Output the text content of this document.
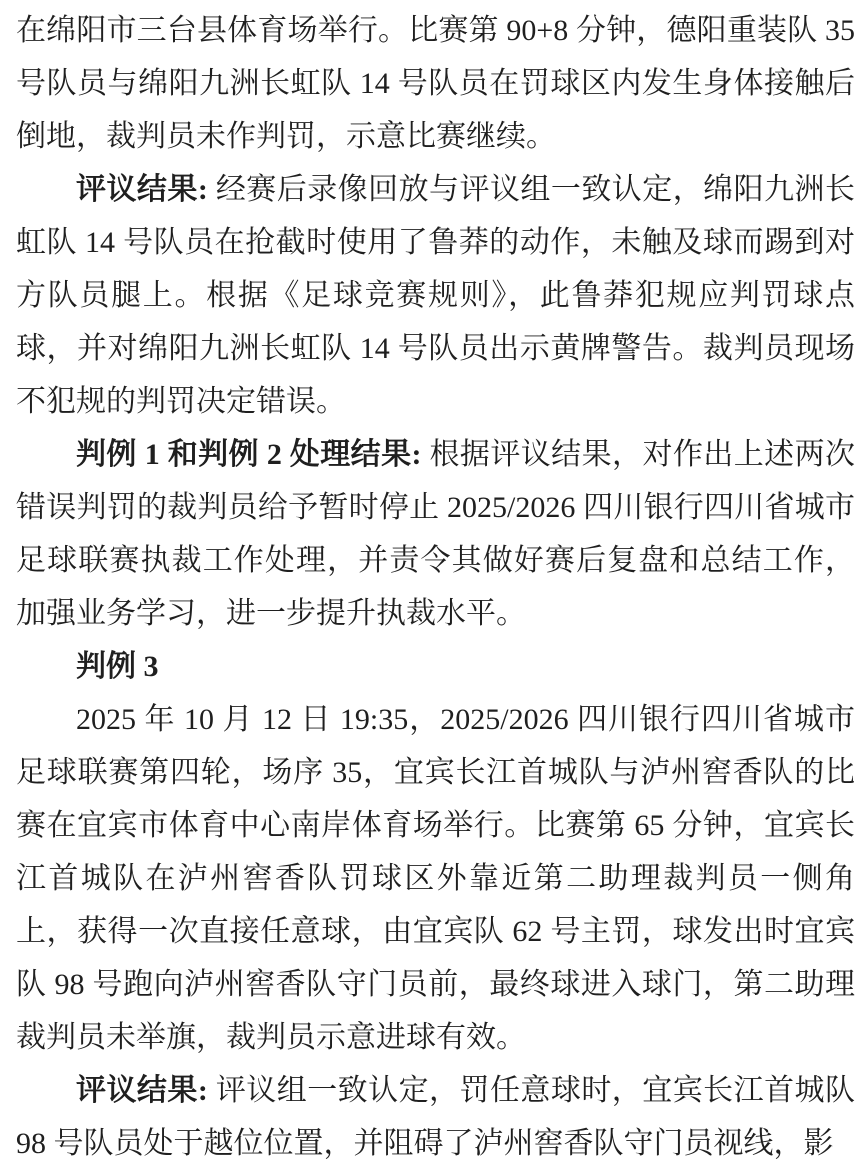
在绵阳市三台县体育场举行。比赛第 90+8 分钟，德阳重装队 35 号队员与绵阳九洲长虹队 14 号队员在罚球区内发生身体接触后倒地，裁判员未作判罚，示意比赛继续。

评议结果: 经赛后录像回放与评议组一致认定，绵阳九洲长虹队 14 号队员在抢截时使用了鲁莽的动作，未触及球而踢到对方队员腿上。根据《足球竞赛规则》，此鲁莽犯规应判罚球点球，并对绵阳九洲长虹队 14 号队员出示黄牌警告。裁判员现场不犯规的判罚决定错误。

判例 1 和判例 2 处理结果: 根据评议结果，对作出上述两次错误判罚的裁判员给予暂时停止 2025/2026 四川银行四川省城市足球联赛执裁工作处理，并责令其做好赛后复盘和总结工作，加强业务学习，进一步提升执裁水平。

判例 3

2025 年 10 月 12 日 19:35，2025/2026 四川银行四川省城市足球联赛第四轮，场序 35，宜宾长江首城队与泸州窖香队的比赛在宜宾市体育中心南岸体育场举行。比赛第 65 分钟，宜宾长江首城队在泸州窖香队罚球区外靠近第二助理裁判员一侧角上，获得一次直接任意球，由宜宾队 62 号主罚，球发出时宜宾队 98 号跑向泸州窖香队守门员前，最终球进入球门，第二助理裁判员未举旗，裁判员示意进球有效。

评议结果: 评议组一致认定，罚任意球时，宜宾长江首城队 98 号队员处于越位位置，并阻碍了泸州窖香队守门员视线，影
